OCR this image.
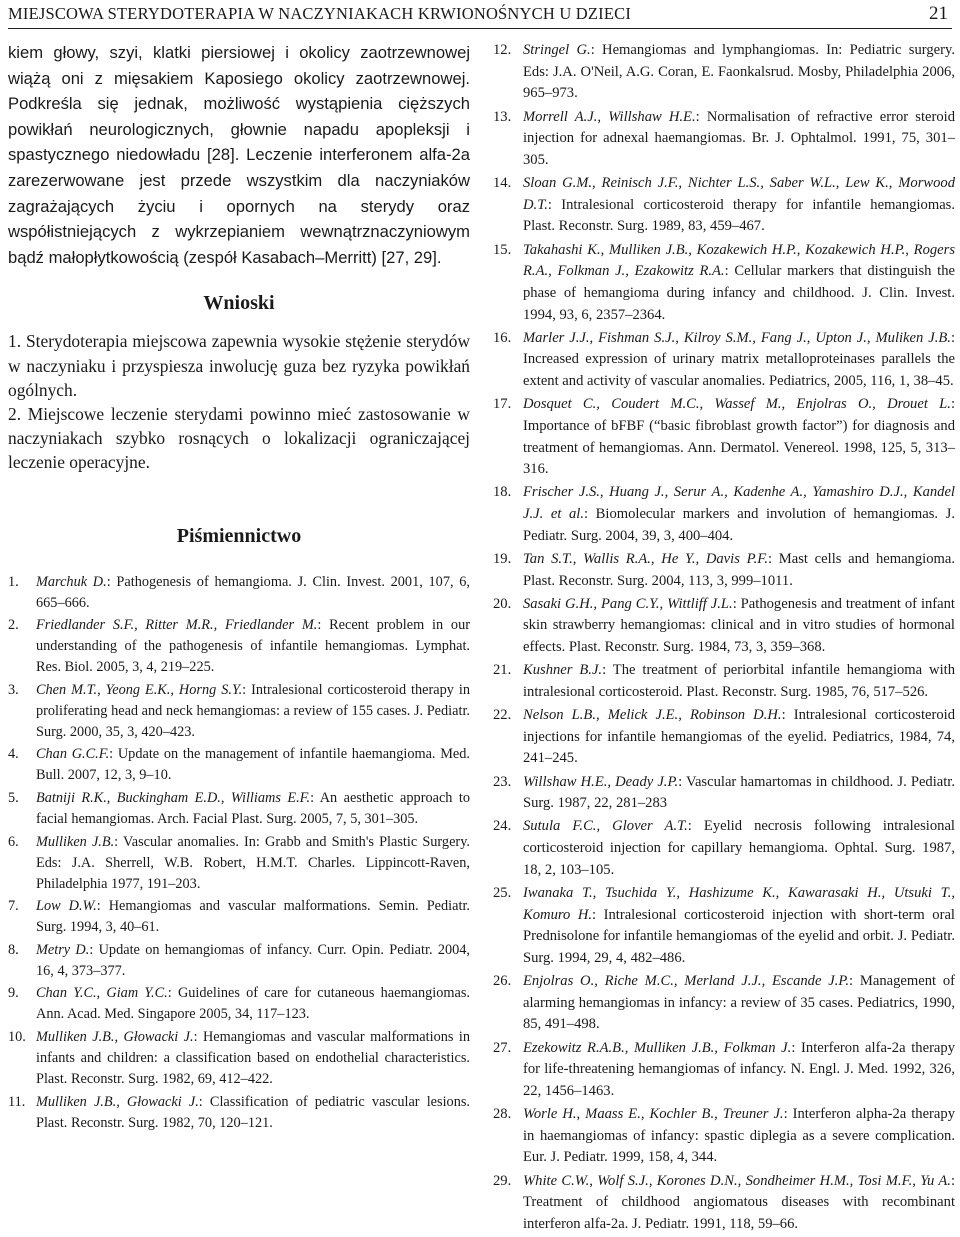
MIEJSCOWA STERYDOTERAPIA W NACZYNIAKACH KRWIONOŚNYCH U DZIECI	21

kiem głowy, szyi, klatki piersiowej i okolicy zaotrzewnowej wiążą oni z mięsakiem Kaposiego okolicy zaotrzewnowej. Podkreśla się jednak, możliwość wystąpienia cięższych powikłań neurologicznych, głownie napadu apopleksji i spastycznego niedowładu [28]. Leczenie interferonem alfa-2a zarezerwowane jest przede wszystkim dla naczyniaków zagrażających życiu i opornych na sterydy oraz współistniejących z wykrzepianiem wewnątrznaczyniowym bądź małopłytkowością (zespół Kasabach–Merritt) [27, 29].

Wnioski

1. Sterydoterapia miejscowa zapewnia wysokie stężenie sterydów w naczyniaku i przyspiesza inwolucję guza bez ryzyka powikłań ogólnych.

2. Miejscowe leczenie sterydami powinno mieć zastosowanie w naczyniakach szybko rosnących o lokalizacji ograniczającej leczenie operacyjne.

Piśmiennictwo
1.	Marchuk D.: Pathogenesis of hemangioma. J. Clin. Invest. 2001, 107, 6, 665–666.
2.	Friedlander S.F., Ritter M.R., Friedlander M.: Recent problem in our understanding of the pathogenesis of infantile hemangiomas. Lymphat. Res. Biol. 2005, 3, 4, 219–225.
3.	Chen M.T., Yeong E.K., Horng S.Y.: Intralesional corticosteroid therapy in proliferating head and neck hemangiomas: a review of 155 cases. J. Pediatr. Surg. 2000, 35, 3, 420–423.
4.	Chan G.C.F.: Update on the management of infantile haemangioma. Med. Bull. 2007, 12, 3, 9–10.
5.	Batniji R.K., Buckingham E.D., Williams E.F.: An aesthetic approach to facial hemangiomas. Arch. Facial Plast. Surg. 2005, 7, 5, 301–305.
6.	Mulliken J.B.: Vascular anomalies. In: Grabb and Smith's Plastic Surgery. Eds: J.A. Sherrell, W.B. Robert, H.M.T. Charles. Lippincott-Raven, Philadelphia 1977, 191–203.
7.	Low D.W.: Hemangiomas and vascular malformations. Semin. Pediatr. Surg. 1994, 3, 40–61.
8.	Metry D.: Update on hemangiomas of infancy. Curr. Opin. Pediatr. 2004, 16, 4, 373–377.
9.	Chan Y.C., Giam Y.C.: Guidelines of care for cutaneous haemangiomas. Ann. Acad. Med. Singapore 2005, 34, 117–123.
10. Mulliken J.B., Głowacki J.: Hemangiomas and vascular malformations in infants and children: a classification based on endothelial characteristics. Plast. Reconstr. Surg. 1982, 69, 412–422.
11. Mulliken J.B., Głowacki J.: Classification of pediatric vascular lesions. Plast. Reconstr. Surg. 1982, 70, 120–121.
12. Stringel G.: Hemangiomas and lymphangiomas. In: Pediatric surgery. Eds: J.A. O'Neil, A.G. Coran, E. Faonkalsrud. Mosby, Philadelphia 2006, 965–973.
13. Morrell A.J., Willshaw H.E.: Normalisation of refractive error steroid injection for adnexal haemangiomas. Br. J. Ophtalmol. 1991, 75, 301–305.
14. Sloan G.M., Reinisch J.F., Nichter L.S., Saber W.L., Lew K., Morwood D.T.: Intralesional corticosteroid therapy for infantile hemangiomas. Plast. Reconstr. Surg. 1989, 83, 459–467.
15. Takahashi K., Mulliken J.B., Kozakewich H.P., Kozakewich H.P., Rogers R.A., Folkman J., Ezakowitz R.A.: Cellular markers that distinguish the phase of hemangioma during infancy and childhood. J. Clin. Invest. 1994, 93, 6, 2357–2364.
16. Marler J.J., Fishman S.J., Kilroy S.M., Fang J., Upton J., Muliken J.B.: Increased expression of urinary matrix metalloproteinases parallels the extent and activity of vascular anomalies. Pediatrics, 2005, 116, 1, 38–45.
17. Dosquet C., Coudert M.C., Wassef M., Enjolras O., Drouet L.: Importance of bFBF (“basic fibroblast growth factor”) for diagnosis and treatment of hemangiomas. Ann. Dermatol. Venereol. 1998, 125, 5, 313–316.
18. Frischer J.S., Huang J., Serur A., Kadenhe A., Yamashiro D.J., Kandel J.J. et al.: Biomolecular markers and involution of hemangiomas. J. Pediatr. Surg. 2004, 39, 3, 400–404.
19. Tan S.T., Wallis R.A., He Y., Davis P.F.: Mast cells and hemangioma. Plast. Reconstr. Surg. 2004, 113, 3, 999–1011.
20. Sasaki G.H., Pang C.Y., Wittliff J.L.: Pathogenesis and treatment of infant skin strawberry hemangiomas: clinical and in vitro studies of hormonal effects. Plast. Reconstr. Surg. 1984, 73, 3, 359–368.
21. Kushner B.J.: The treatment of periorbital infantile hemangioma with intralesional corticosteroid. Plast. Reconstr. Surg. 1985, 76, 517–526.
22. Nelson L.B., Melick J.E., Robinson D.H.: Intralesional corticosteroid injections for infantile hemangiomas of the eyelid. Pediatrics, 1984, 74, 241–245.
23. Willshaw H.E., Deady J.P.: Vascular hamartomas in childhood. J. Pediatr. Surg. 1987, 22, 281–283
24. Sutula F.C., Glover A.T.: Eyelid necrosis following intralesional corticosteroid injection for capillary hemangioma. Ophtal. Surg. 1987, 18, 2, 103–105.
25. Iwanaka T., Tsuchida Y., Hashizume K., Kawarasaki H., Utsuki T., Komuro H.: Intralesional corticosteroid injection with short-term oral Prednisolone for infantile hemangiomas of the eyelid and orbit. J. Pediatr. Surg. 1994, 29, 4, 482–486.
26. Enjolras O., Riche M.C., Merland J.J., Escande J.P.: Management of alarming hemangiomas in infancy: a review of 35 cases. Pediatrics, 1990, 85, 491–498.
27. Ezekowitz R.A.B., Mulliken J.B., Folkman J.: Interferon alfa-2a therapy for life-threatening hemangiomas of infancy. N. Engl. J. Med. 1992, 326, 22, 1456–1463.
28. Worle H., Maass E., Kochler B., Treuner J.: Interferon alpha-2a therapy in haemangiomas of infancy: spastic diplegia as a severe complication. Eur. J. Pediatr. 1999, 158, 4, 344.
29. White C.W., Wolf S.J., Korones D.N., Sondheimer H.M., Tosi M.F., Yu A.: Treatment of childhood angiomatous diseases with recombinant interferon alfa-2a. J. Pediatr. 1991, 118, 59–66.
